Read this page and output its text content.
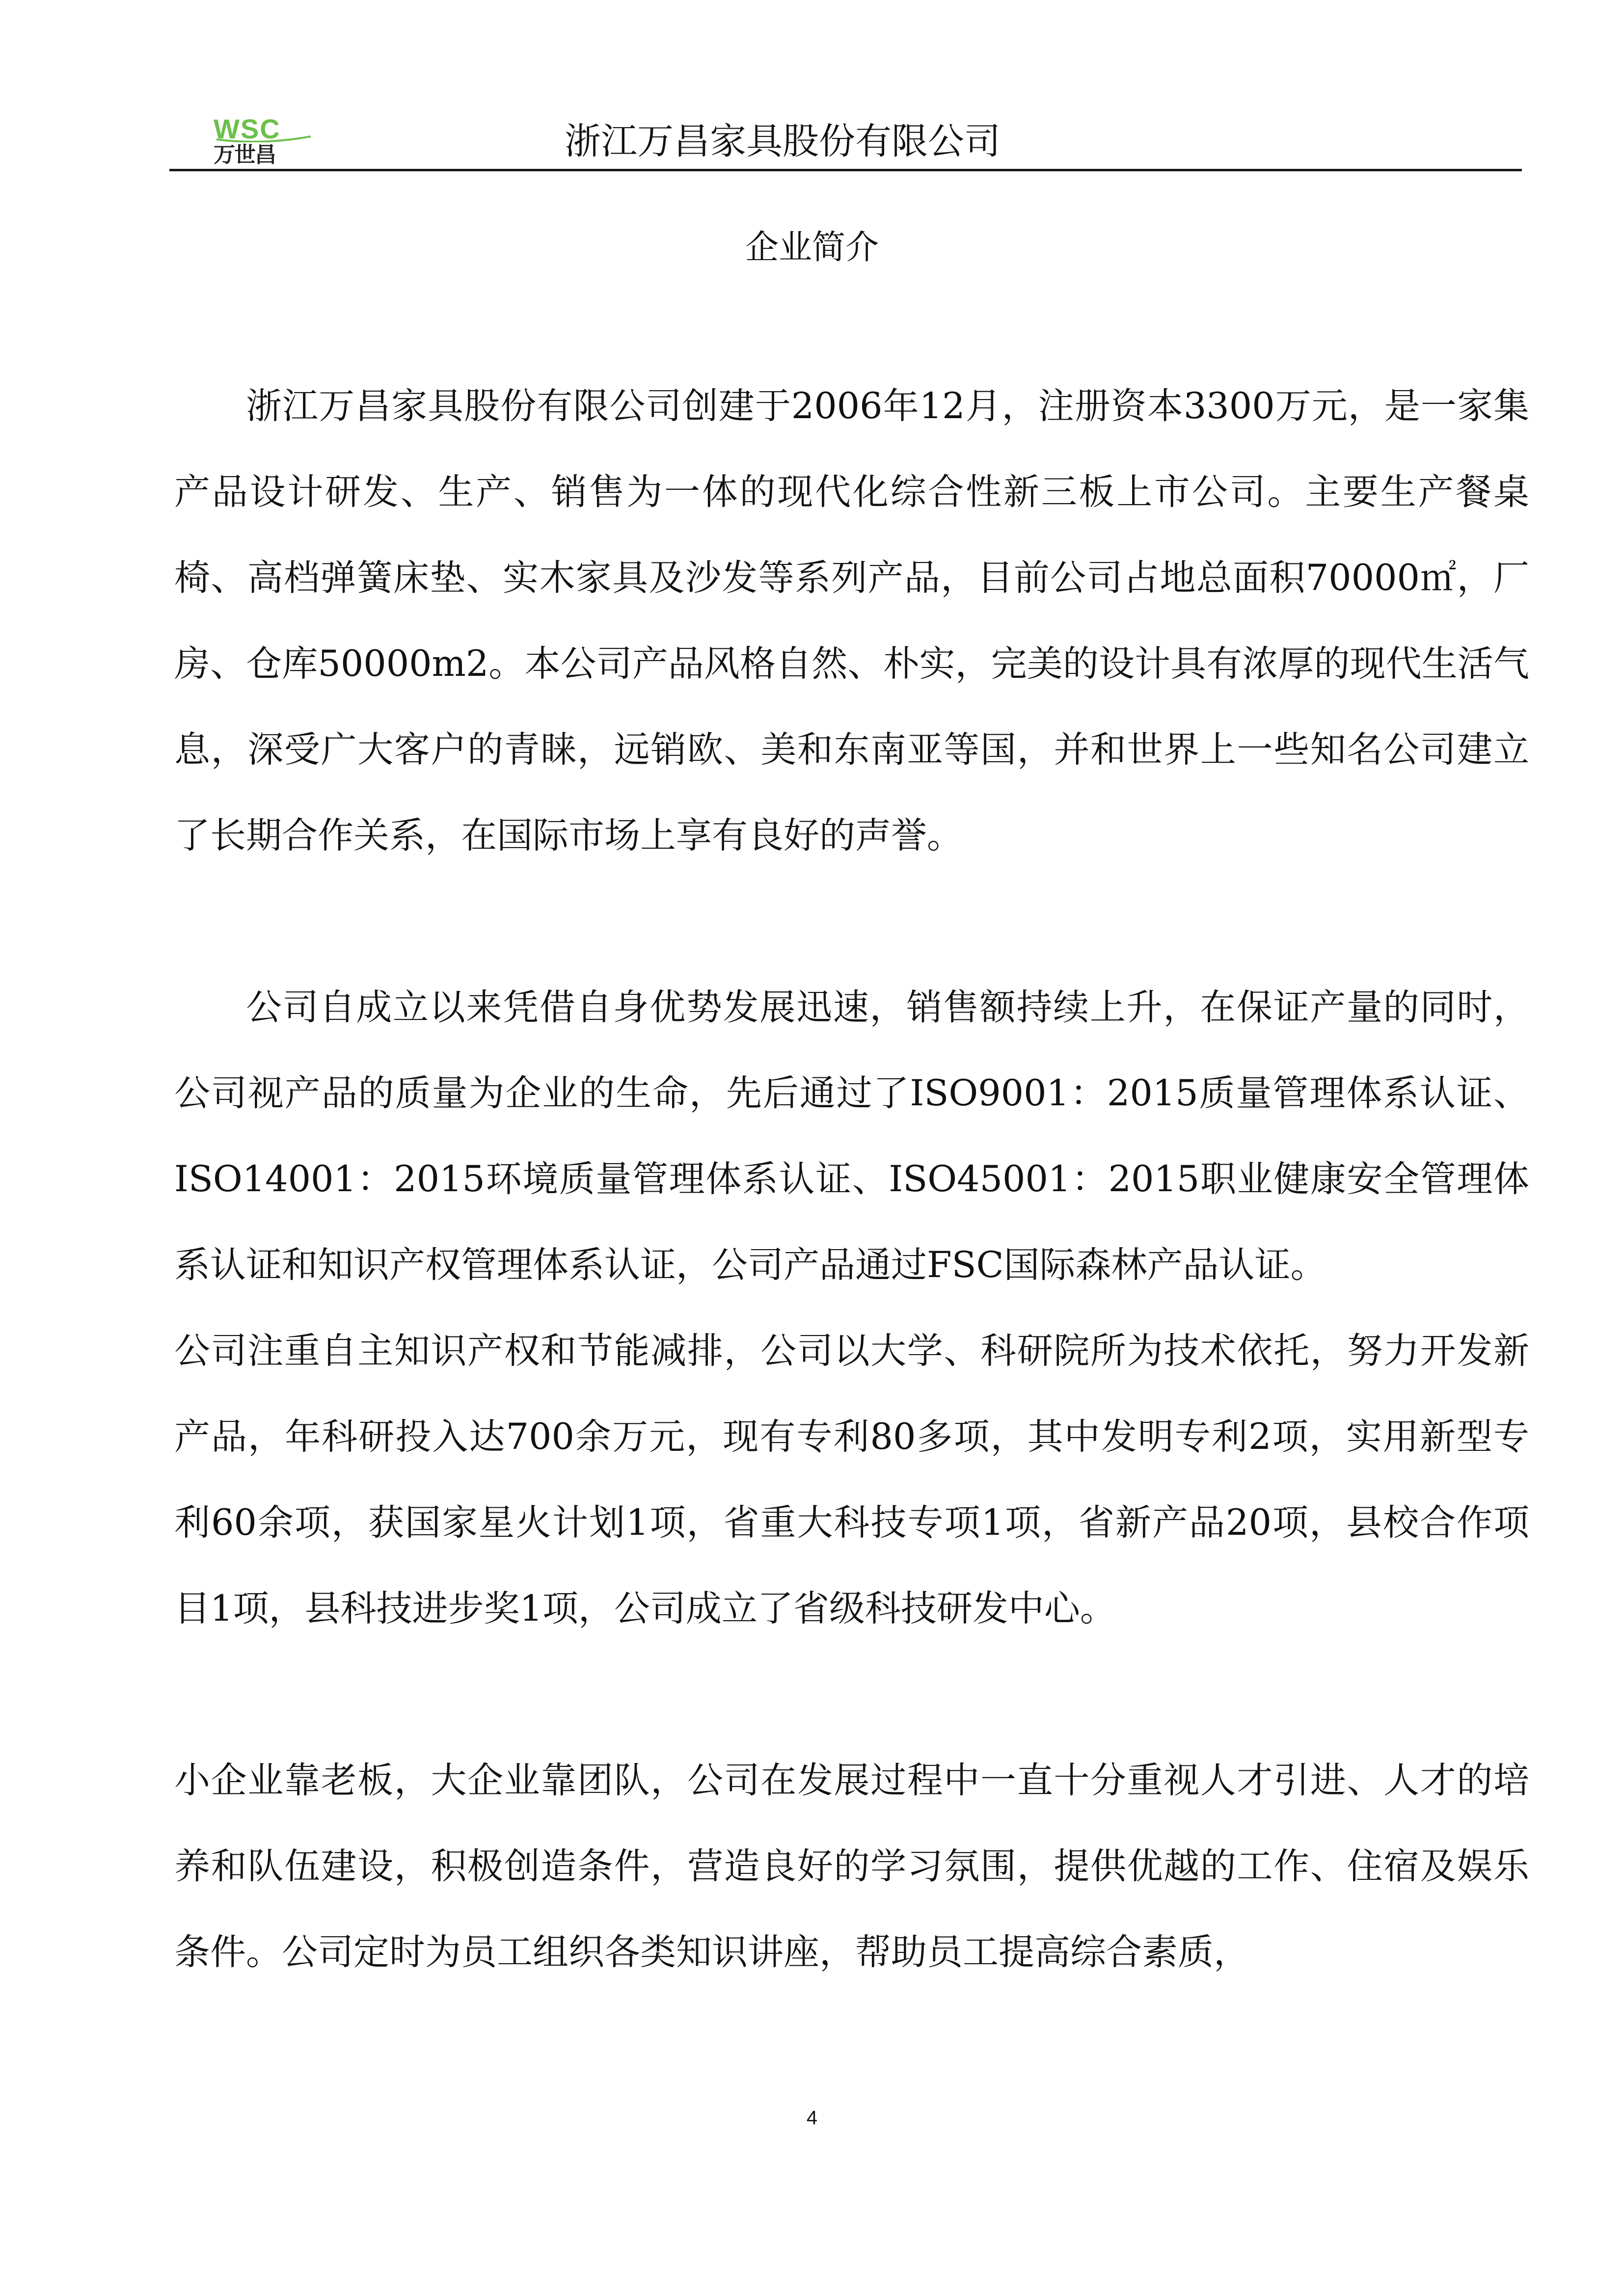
WSC
万世昌	浙江万昌家具股份有限公司
企业简介

浙江万昌家具股份有限公司创建于2006年12月，注册资本3300万元，是一家集产品设计研发、生产、销售为一体的现代化综合性新三板上市公司。主要生产餐桌椅、高档弹簧床垫、实木家具及沙发等系列产品，目前公司占地总面积70000㎡，厂房、仓库50000m2。本公司产品风格自然、朴实，完美的设计具有浓厚的现代生活气息，深受广大客户的青睐，远销欧、美和东南亚等国，并和世界上一些知名公司建立了长期合作关系，在国际市场上享有良好的声誉。

公司自成立以来凭借自身优势发展迅速，销售额持续上升，在保证产量的同时，公司视产品的质量为企业的生命，先后通过了ISO9001：2015质量管理体系认证、ISO14001：2015环境质量管理体系认证、ISO45001：2015职业健康安全管理体系认证和知识产权管理体系认证，公司产品通过FSC国际森林产品认证。

公司注重自主知识产权和节能减排，公司以大学、科研院所为技术依托，努力开发新产品，年科研投入达700余万元，现有专利80多项，其中发明专利2项，实用新型专利60余项，获国家星火计划1项，省重大科技专项1项，省新产品20项，县校合作项目1项，县科技进步奖1项，公司成立了省级科技研发中心。

小企业靠老板，大企业靠团队，公司在发展过程中一直十分重视人才引进、人才的培养和队伍建设，积极创造条件，营造良好的学习氛围，提供优越的工作、住宿及娱乐条件。公司定时为员工组织各类知识讲座，帮助员工提高综合素质，

4
